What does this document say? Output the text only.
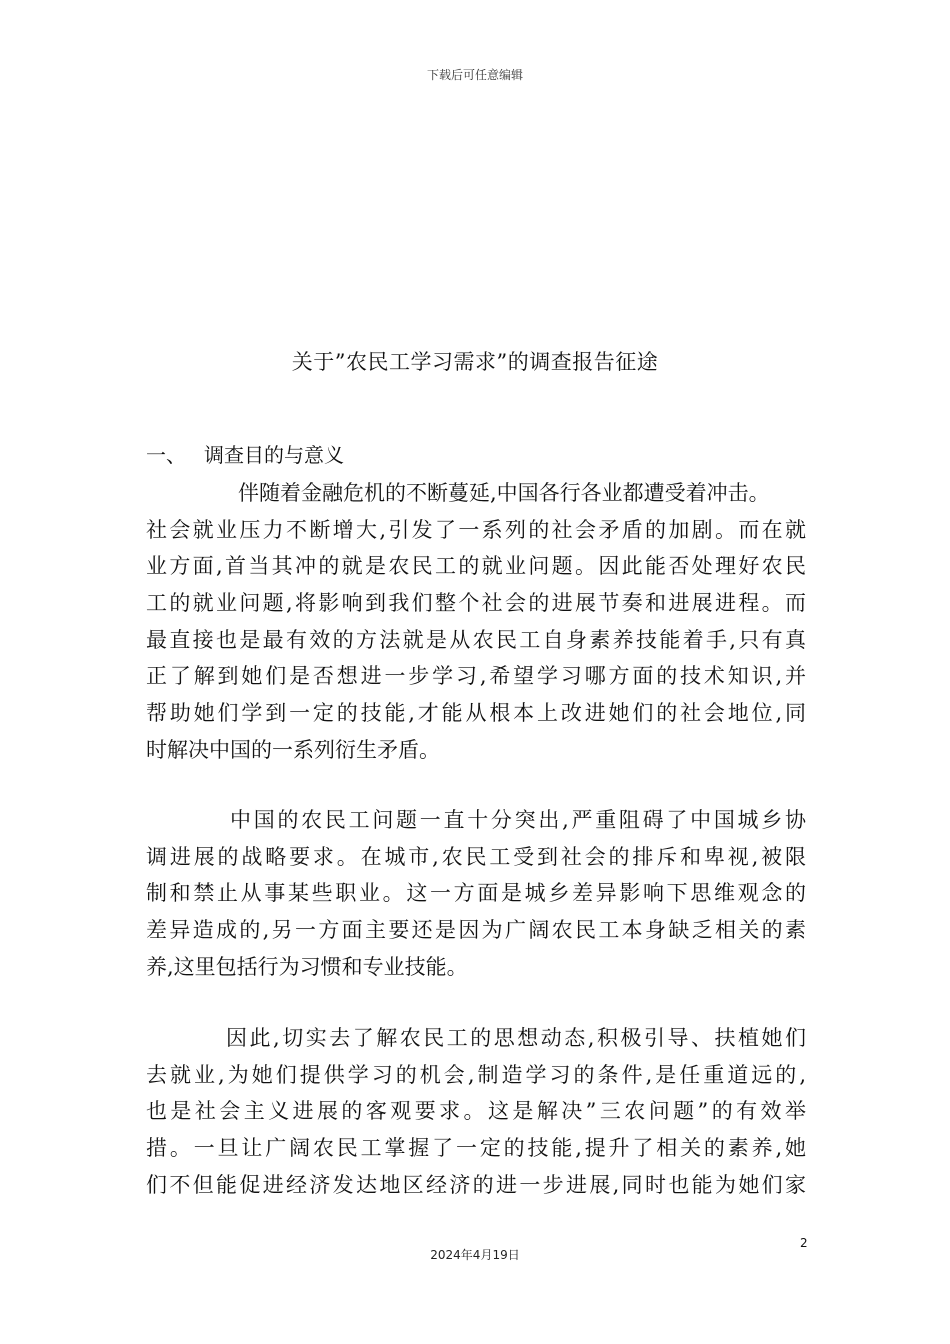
下载后可任意编辑
关于”农民工学习需求”的调查报告征途
一、 调查目的与意义
伴随着金融危机的不断蔓延,中国各行各业都遭受着冲击。
社会就业压力不断增大,引发了一系列的社会矛盾的加剧。而在就
业方面,首当其冲的就是农民工的就业问题。因此能否处理好农民
工的就业问题,将影响到我们整个社会的进展节奏和进展进程。而
最直接也是最有效的方法就是从农民工自身素养技能着手,只有真
正了解到她们是否想进一步学习,希望学习哪方面的技术知识,并
帮助她们学到一定的技能,才能从根本上改进她们的社会地位,同
时解决中国的一系列衍生矛盾。
中国的农民工问题一直十分突出,严重阻碍了中国城乡协
调进展的战略要求。在城市,农民工受到社会的排斥和卑视,被限
制和禁止从事某些职业。这一方面是城乡差异影响下思维观念的
差异造成的,另一方面主要还是因为广阔农民工本身缺乏相关的素
养,这里包括行为习惯和专业技能。
因此,切实去了解农民工的思想动态,积极引导、扶植她们
去就业,为她们提供学习的机会,制造学习的条件,是任重道远的,
也是社会主义进展的客观要求。这是解决”三农问题”的有效举
措。一旦让广阔农民工掌握了一定的技能,提升了相关的素养,她
们不但能促进经济发达地区经济的进一步进展,同时也能为她们家
2
2024年4月19日
